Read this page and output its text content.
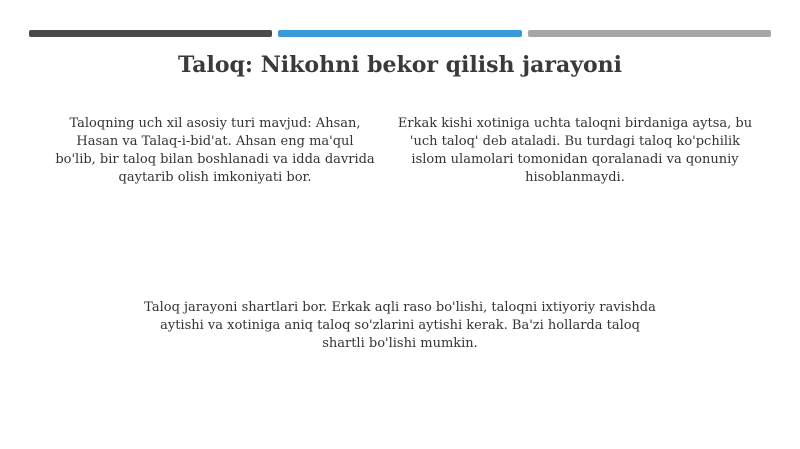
Taloq: Nikohni bekor qilish jarayoni
Taloqning uch xil asosiy turi mavjud: Ahsan, Hasan va Talaq-i-bid'at. Ahsan eng ma'qul bo'lib, bir taloq bilan boshlanadi va idda davrida qaytarib olish imkoniyati bor.
Erkak kishi xotiniga uchta taloqni birdaniga aytsa, bu 'uch taloq' deb ataladi. Bu turdagi taloq ko'pchilik islom ulamolari tomonidan qoralanadi va qonuniy hisoblanmaydi.
Taloq jarayoni shartlari bor. Erkak aqli raso bo'lishi, taloqni ixtiyoriy ravishda aytishi va xotiniga aniq taloq so'zlarini aytishi kerak. Ba'zi hollarda taloq shartli bo'lishi mumkin.
